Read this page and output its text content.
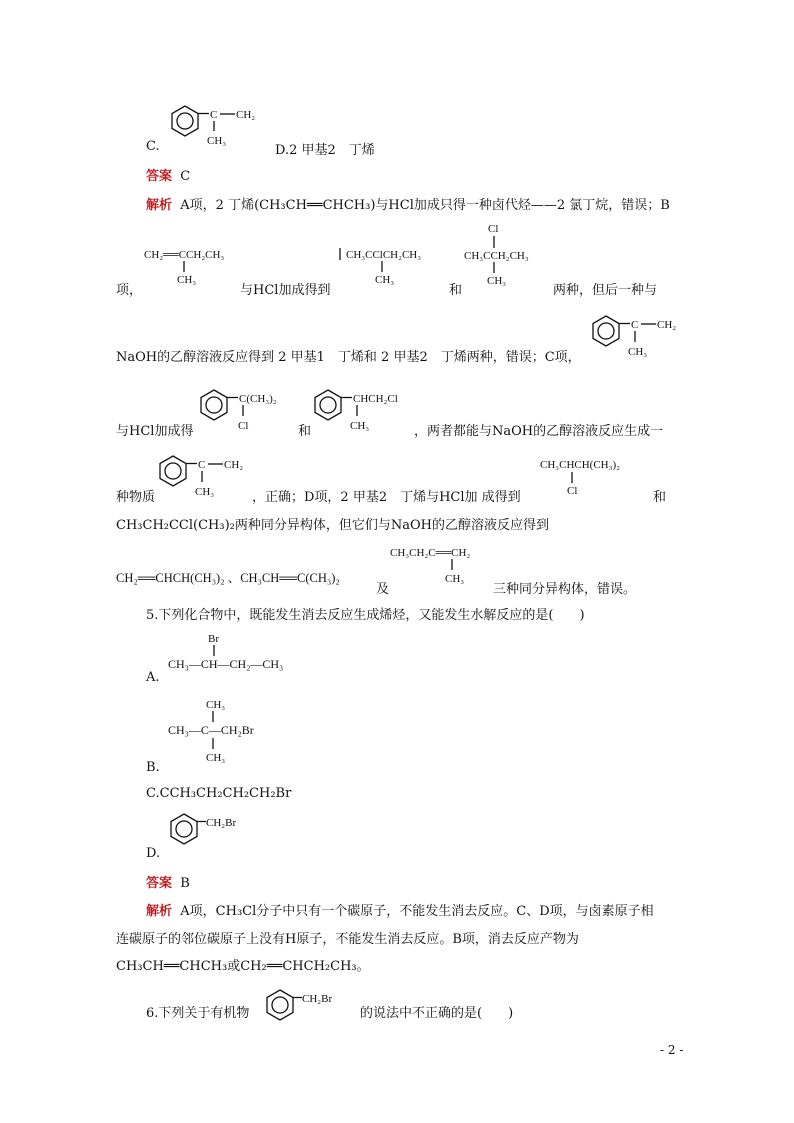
C.
C CH₂
CH₃
D.2 甲基2　丁烯
答案 C
解析 A项，2 丁烯(CH₃CH══CHCH₃)与HCl加成只得一种卤代烃——2 氯丁烷，错误；B
CH₂══CCH₂CH₃
CH₃
项，	与HCl加成得到
CH₃CClCH₂CH₃
CH₃
和
Cl
CH₃CCH₂CH₃
CH₃
两种，但后一种与
NaOH的乙醇溶液反应得到 2 甲基1　丁烯和 2 甲基2　丁烯两种，错误；C项，
C CH₂
CH₃
与HCl加成得
C(CH₃)₂
Cl	和
CHCH₂Cl
CH₃	，两者都能与NaOH的乙醇溶液反应生成一
种物质
C CH₂
CH₃	，正确；D项，2 甲基2　丁烯与HCl加 成得到
CH₃CHCH(CH₃)₂
Cl	和
CH₃CH₂CCl(CH₃)₂两种同分异构体，但它们与NaOH的乙醇溶液反应得到
CH₂══CHCH(CH₃)₂ 、CH₃CH══C(CH₃)₂
及
CH₃CH₂C══CH₂
CH₃
三种同分异构体，错误。
5.下列化合物中，既能发生消去反应生成烯烃，又能发生水解反应的是(　　)
Br
CH₃—CH—CH₂—CH₃
A.
CH₃
CH₃—C—CH₂Br
CH₃
B.
C.CCH₃CH₂CH₂CH₂Br
CH₂Br
D.
答案 B
解析 A项，CH₃Cl分子中只有一个碳原子，不能发生消去反应。C、D项，与卤素原子相
连碳原子的邻位碳原子上没有H原子，不能发生消去反应。B项，消去反应产物为
CH₃CH══CHCH₃或CH₂══CHCH₂CH₃。
6.下列关于有机物
CH₂Br
的说法中不正确的是(　　)
- 2 -
